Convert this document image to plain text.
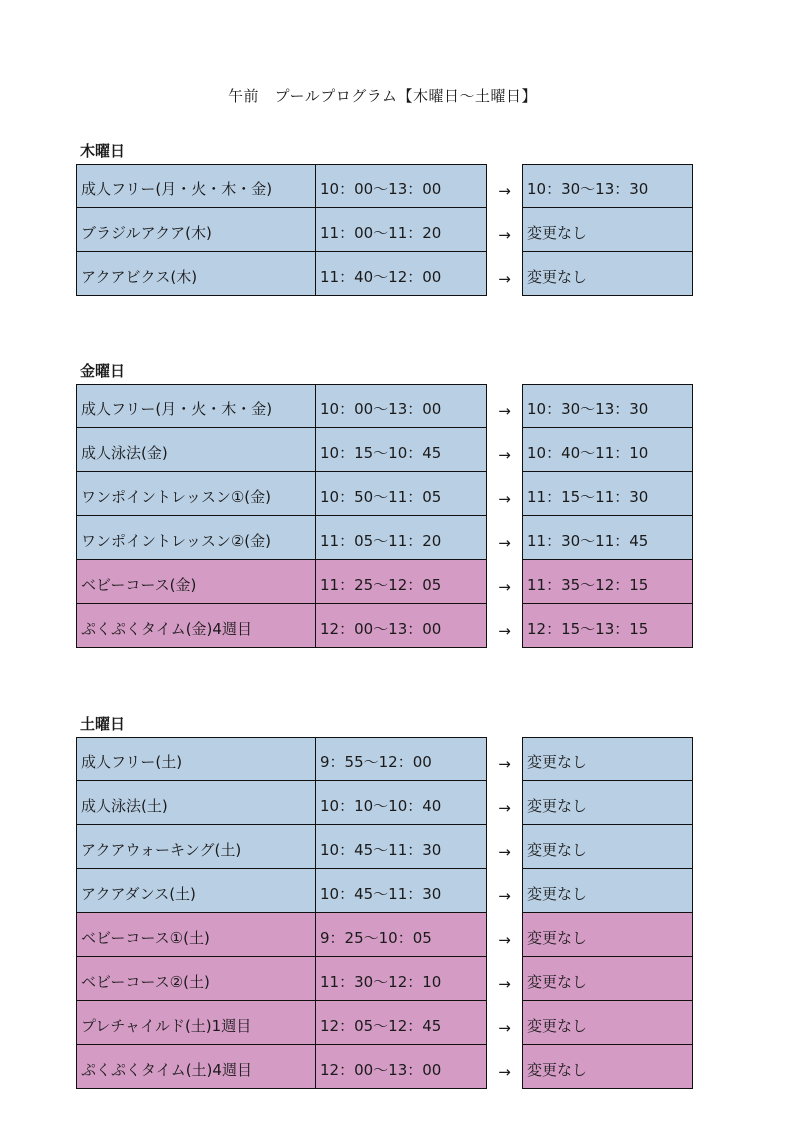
午前　プールプログラム【木曜日～土曜日】
木曜日
成人フリー(月・火・木・金)	10：00～13：00	→	10：30～13：30
ブラジルアクア(木)	11：00～11：20	→	変更なし
アクアビクス(木)	11：40～12：00	→	変更なし
金曜日
成人フリー(月・火・木・金)	10：00～13：00	→	10：30～13：30
成人泳法(金)	10：15～10：45	→	10：40～11：10
ワンポイントレッスン①(金)	10：50～11：05	→	11：15～11：30
ワンポイントレッスン②(金)	11：05～11：20	→	11：30～11：45
ベビーコース(金)	11：25～12：05	→	11：35～12：15
ぷくぷくタイム(金)4週目	12：00～13：00	→	12：15～13：15
土曜日
成人フリー(土)	9：55～12：00	→	変更なし
成人泳法(土)	10：10～10：40	→	変更なし
アクアウォーキング(土)	10：45～11：30	→	変更なし
アクアダンス(土)	10：45～11：30	→	変更なし
ベビーコース①(土)	9：25～10：05	→	変更なし
ベビーコース②(土)	11：30～12：10	→	変更なし
プレチャイルド(土)1週目	12：05～12：45	→	変更なし
ぷくぷくタイム(土)4週目	12：00～13：00	→	変更なし
